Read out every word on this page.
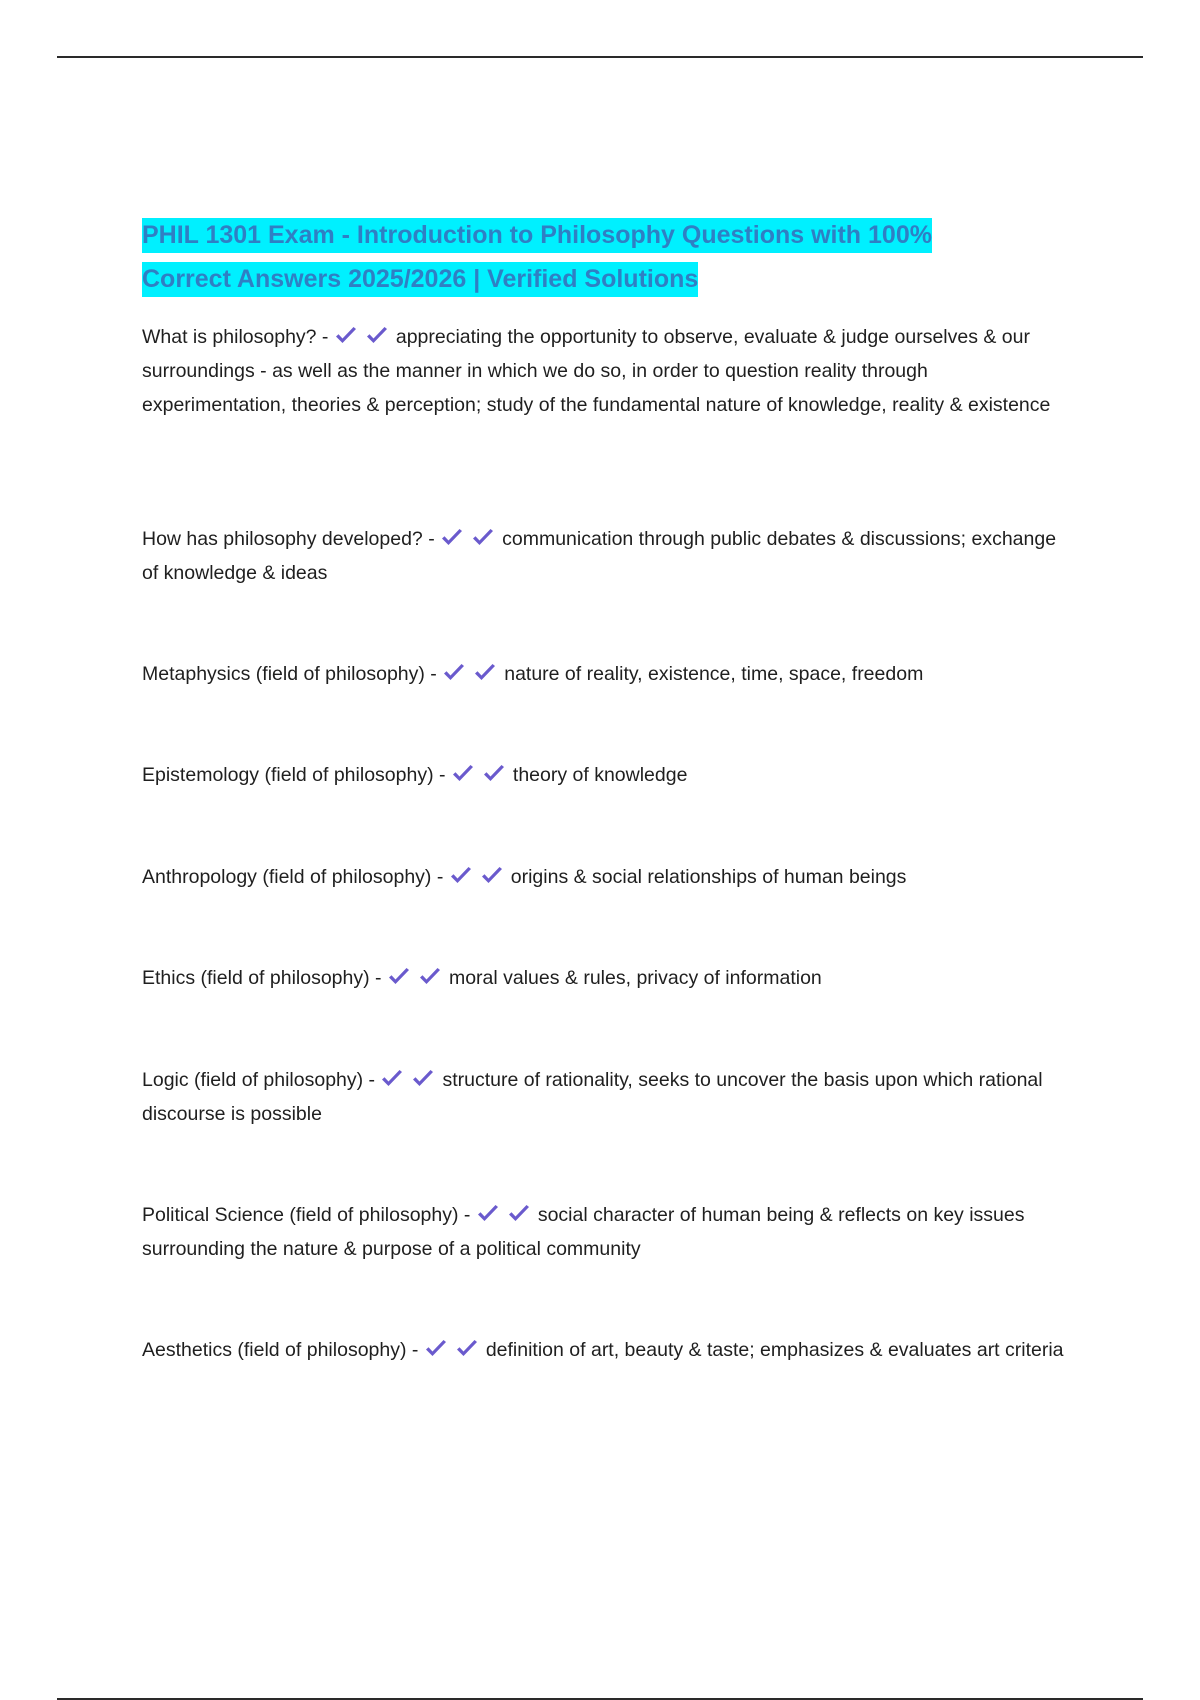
PHIL 1301 Exam - Introduction to Philosophy Questions with 100%
Correct Answers 2025/2026 | Verified Solutions

What is philosophy? -	appreciating the opportunity to observe, evaluate & judge ourselves & our surroundings - as well as the manner in which we do so, in order to question reality through experimentation, theories & perception; study of the fundamental nature of knowledge, reality & existence

How has philosophy developed? -	communication through public debates & discussions; exchange of knowledge & ideas

Metaphysics (field of philosophy) -	nature of reality, existence, time, space, freedom

Epistemology (field of philosophy) -	theory of knowledge

Anthropology (field of philosophy) -	origins & social relationships of human beings

Ethics (field of philosophy) -	moral values & rules, privacy of information

Logic (field of philosophy) -	structure of rationality, seeks to uncover the basis upon which rational discourse is possible

Political Science (field of philosophy) -	social character of human being & reflects on key issues surrounding the nature & purpose of a political community

Aesthetics (field of philosophy) -	definition of art, beauty & taste; emphasizes & evaluates art criteria
